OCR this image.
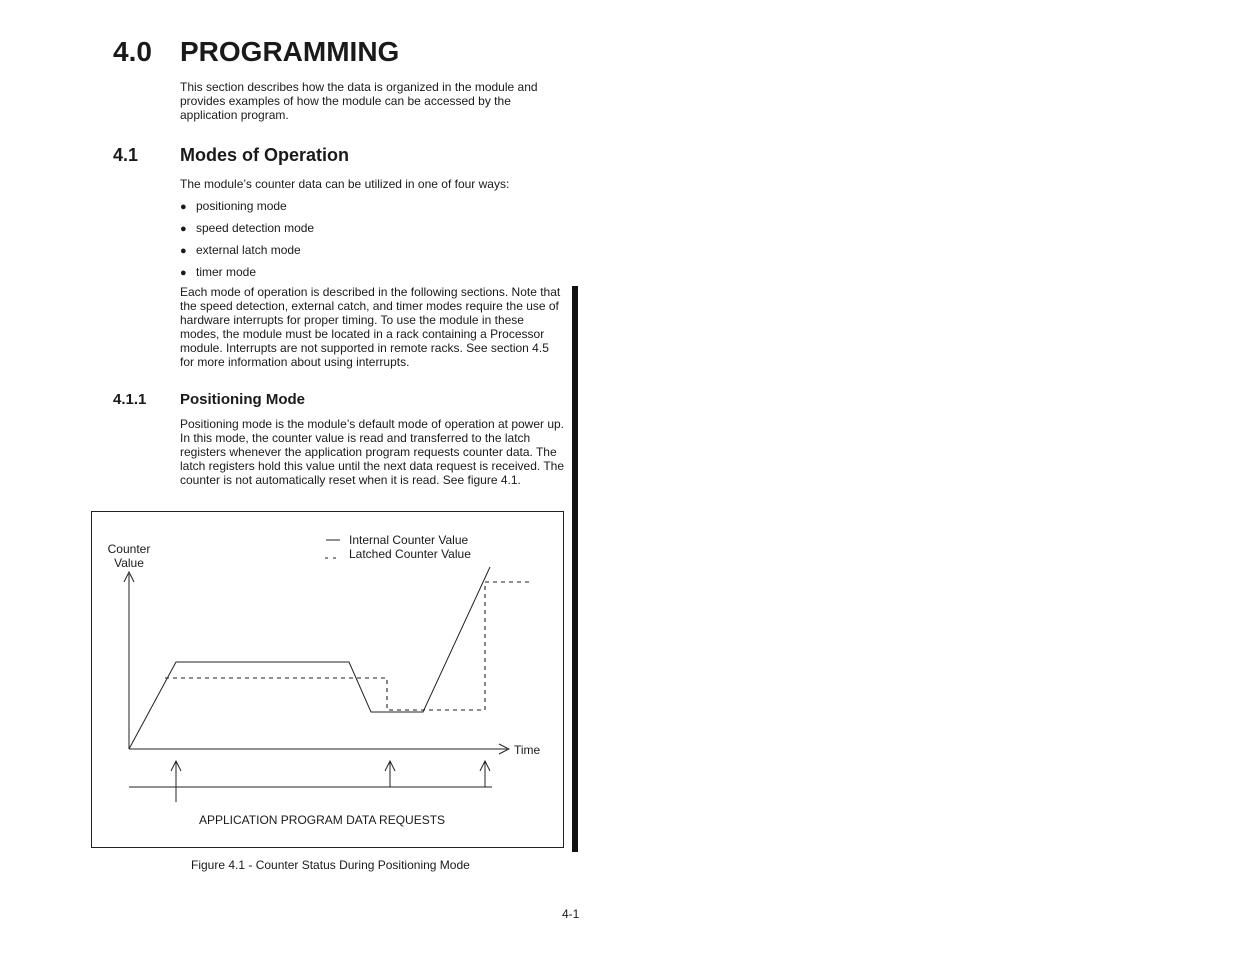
4.0 PROGRAMMING
This section describes how the data is organized in the module and provides examples of how the module can be accessed by the application program.
4.1 Modes of Operation
The module’s counter data can be utilized in one of four ways:
● positioning mode
● speed detection mode
● external latch mode
● timer mode
Each mode of operation is described in the following sections. Note that the speed detection, external catch, and timer modes require the use of hardware interrupts for proper timing. To use the module in these modes, the module must be located in a rack containing a Processor module. Interrupts are not supported in remote racks. See section 4.5 for more information about using interrupts.
4.1.1 Positioning Mode
Positioning mode is the module’s default mode of operation at power up. In this mode, the counter value is read and transferred to the latch registers whenever the application program requests counter data. The latch registers hold this value until the next data request is received. The counter is not automatically reset when it is read. See figure 4.1.
Counter
Value
Internal Counter Value
Latched Counter Value
Time
APPLICATION PROGRAM DATA REQUESTS
Figure 4.1 - Counter Status During Positioning Mode
4-1
